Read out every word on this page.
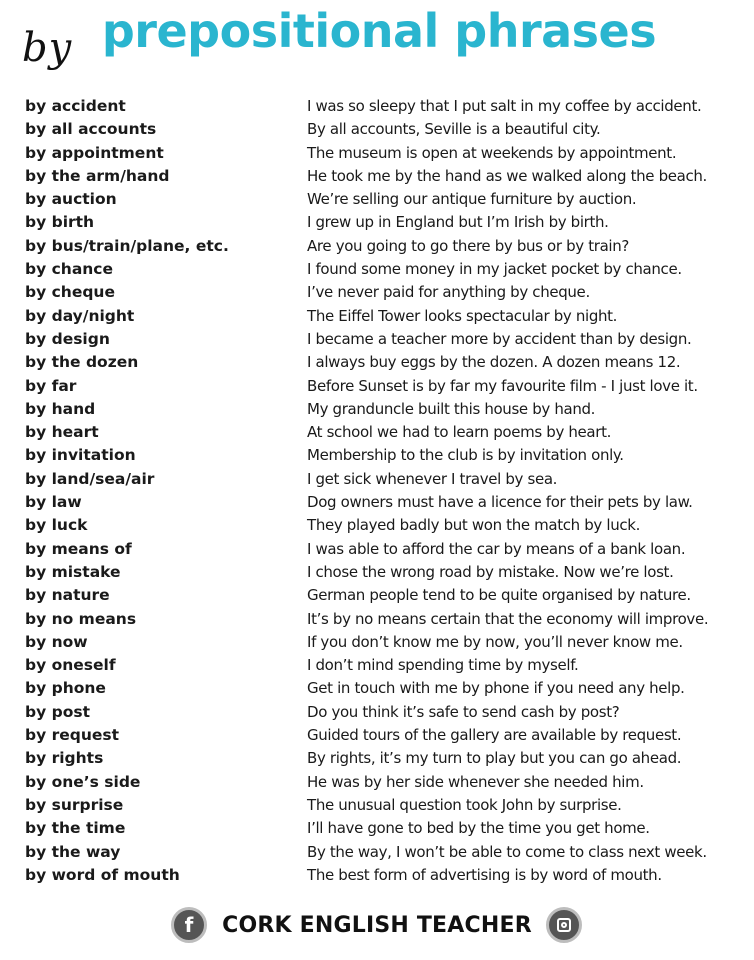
by prepositional phrases
by accident	I was so sleepy that I put salt in my coffee by accident.
by all accounts	By all accounts, Seville is a beautiful city.
by appointment	The museum is open at weekends by appointment.
by the arm/hand	He took me by the hand as we walked along the beach.
by auction	We’re selling our antique furniture by auction.
by birth	I grew up in England but I’m Irish by birth.
by bus/train/plane, etc.	Are you going to go there by bus or by train?
by chance	I found some money in my jacket pocket by chance.
by cheque	I’ve never paid for anything by cheque.
by day/night	The Eiffel Tower looks spectacular by night.
by design	I became a teacher more by accident than by design.
by the dozen	I always buy eggs by the dozen. A dozen means 12.
by far	Before Sunset is by far my favourite film - I just love it.
by hand	My granduncle built this house by hand.
by heart	At school we had to learn poems by heart.
by invitation	Membership to the club is by invitation only.
by land/sea/air	I get sick whenever I travel by sea.
by law	Dog owners must have a licence for their pets by law.
by luck	They played badly but won the match by luck.
by means of	I was able to afford the car by means of a bank loan.
by mistake	I chose the wrong road by mistake. Now we’re lost.
by nature	German people tend to be quite organised by nature.
by no means	It’s by no means certain that the economy will improve.
by now	If you don’t know me by now, you’ll never know me.
by oneself	I don’t mind spending time by myself.
by phone	Get in touch with me by phone if you need any help.
by post	Do you think it’s safe to send cash by post?
by request	Guided tours of the gallery are available by request.
by rights	By rights, it’s my turn to play but you can go ahead.
by one’s side	He was by her side whenever she needed him.
by surprise	The unusual question took John by surprise.
by the time	I’ll have gone to bed by the time you get home.
by the way	By the way, I won’t be able to come to class next week.
by word of mouth	The best form of advertising is by word of mouth.
f	CORK ENGLISH TEACHER
